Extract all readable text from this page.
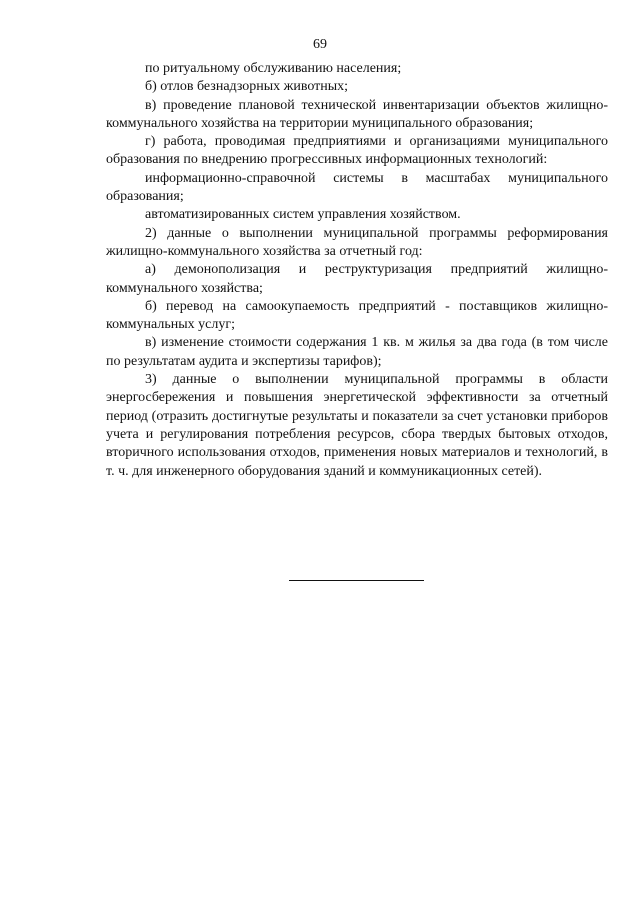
69

по ритуальному обслуживанию населения;

б) отлов безнадзорных животных;

в) проведение плановой технической инвентаризации объектов жилищно-коммунального хозяйства на территории муниципального образования;

г) работа, проводимая предприятиями и организациями муниципального образования по внедрению прогрессивных информационных технологий:

информационно-справочной системы в масштабах муниципального образования;

автоматизированных систем управления хозяйством.

2) данные о выполнении муниципальной программы реформирования жилищно-коммунального хозяйства за отчетный год:

а) демонополизация и реструктуризация предприятий жилищно-коммунального хозяйства;

б) перевод на самоокупаемость предприятий - поставщиков жилищно-коммунальных услуг;

в) изменение стоимости содержания 1 кв. м жилья за два года (в том числе по результатам аудита и экспертизы тарифов);

3) данные о выполнении муниципальной программы в области энергосбережения и повышения энергетической эффективности за отчетный период (отразить достигнутые результаты и показатели за счет установки приборов учета и регулирования потребления ресурсов, сбора твердых бытовых отходов, вторичного использования отходов, применения новых материалов и технологий, в т. ч. для инженерного оборудования зданий и коммуникационных сетей).
